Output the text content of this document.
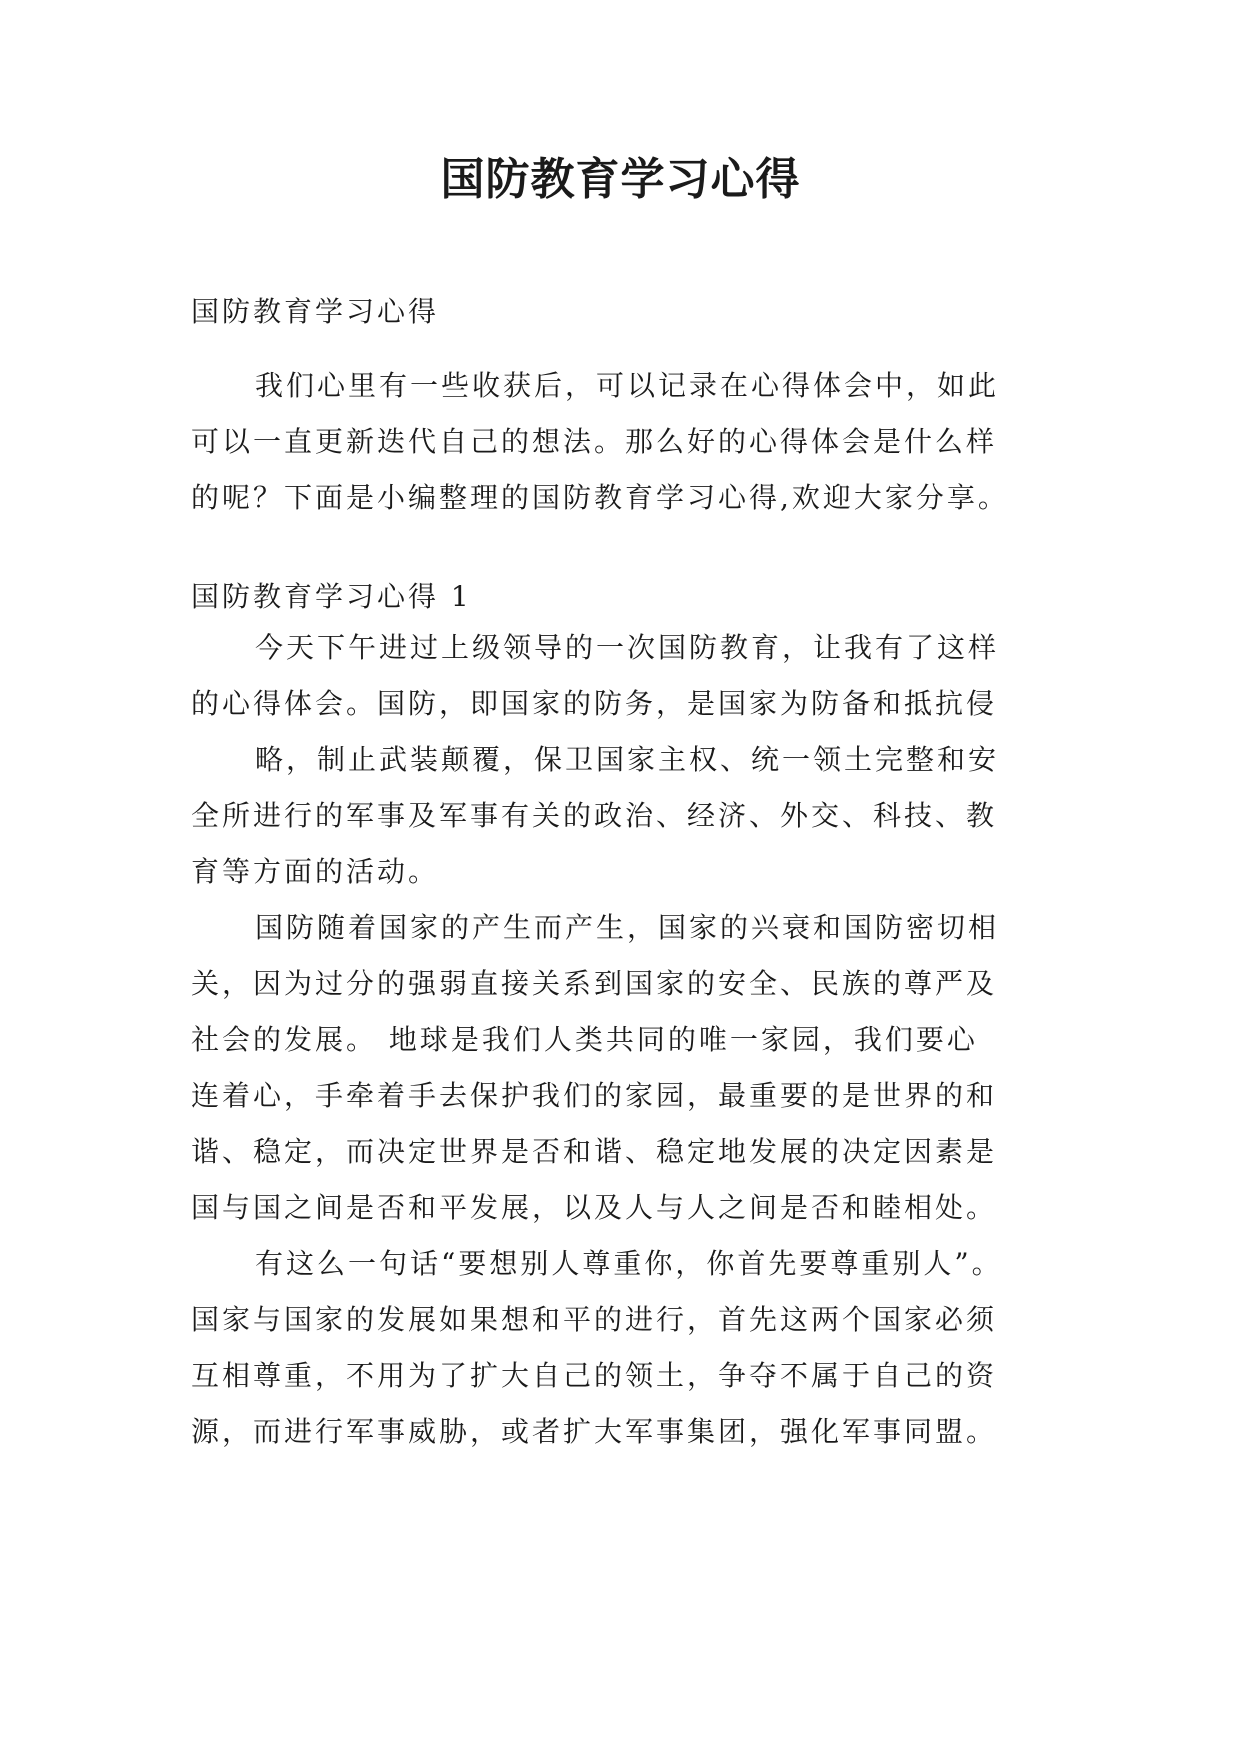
国防教育学习心得
国防教育学习心得
我们心里有一些收获后，可以记录在心得体会中，如此
可以一直更新迭代自己的想法。那么好的心得体会是什么样
的呢？下面是小编整理的国防教育学习心得,欢迎大家分享。
国防教育学习心得 1
今天下午进过上级领导的一次国防教育，让我有了这样
的心得体会。国防，即国家的防务，是国家为防备和抵抗侵
略，制止武装颠覆，保卫国家主权、统一领土完整和安
全所进行的军事及军事有关的政治、经济、外交、科技、教
育等方面的活动。
国防随着国家的产生而产生，国家的兴衰和国防密切相
关，因为过分的强弱直接关系到国家的安全、民族的尊严及
社会的发展。 地球是我们人类共同的唯一家园，我们要心
连着心，手牵着手去保护我们的家园，最重要的是世界的和
谐、稳定，而决定世界是否和谐、稳定地发展的决定因素是
国与国之间是否和平发展，以及人与人之间是否和睦相处。
有这么一句话“要想别人尊重你，你首先要尊重别人”。
国家与国家的发展如果想和平的进行，首先这两个国家必须
互相尊重，不用为了扩大自己的领土，争夺不属于自己的资
源，而进行军事威胁，或者扩大军事集团，强化军事同盟。
